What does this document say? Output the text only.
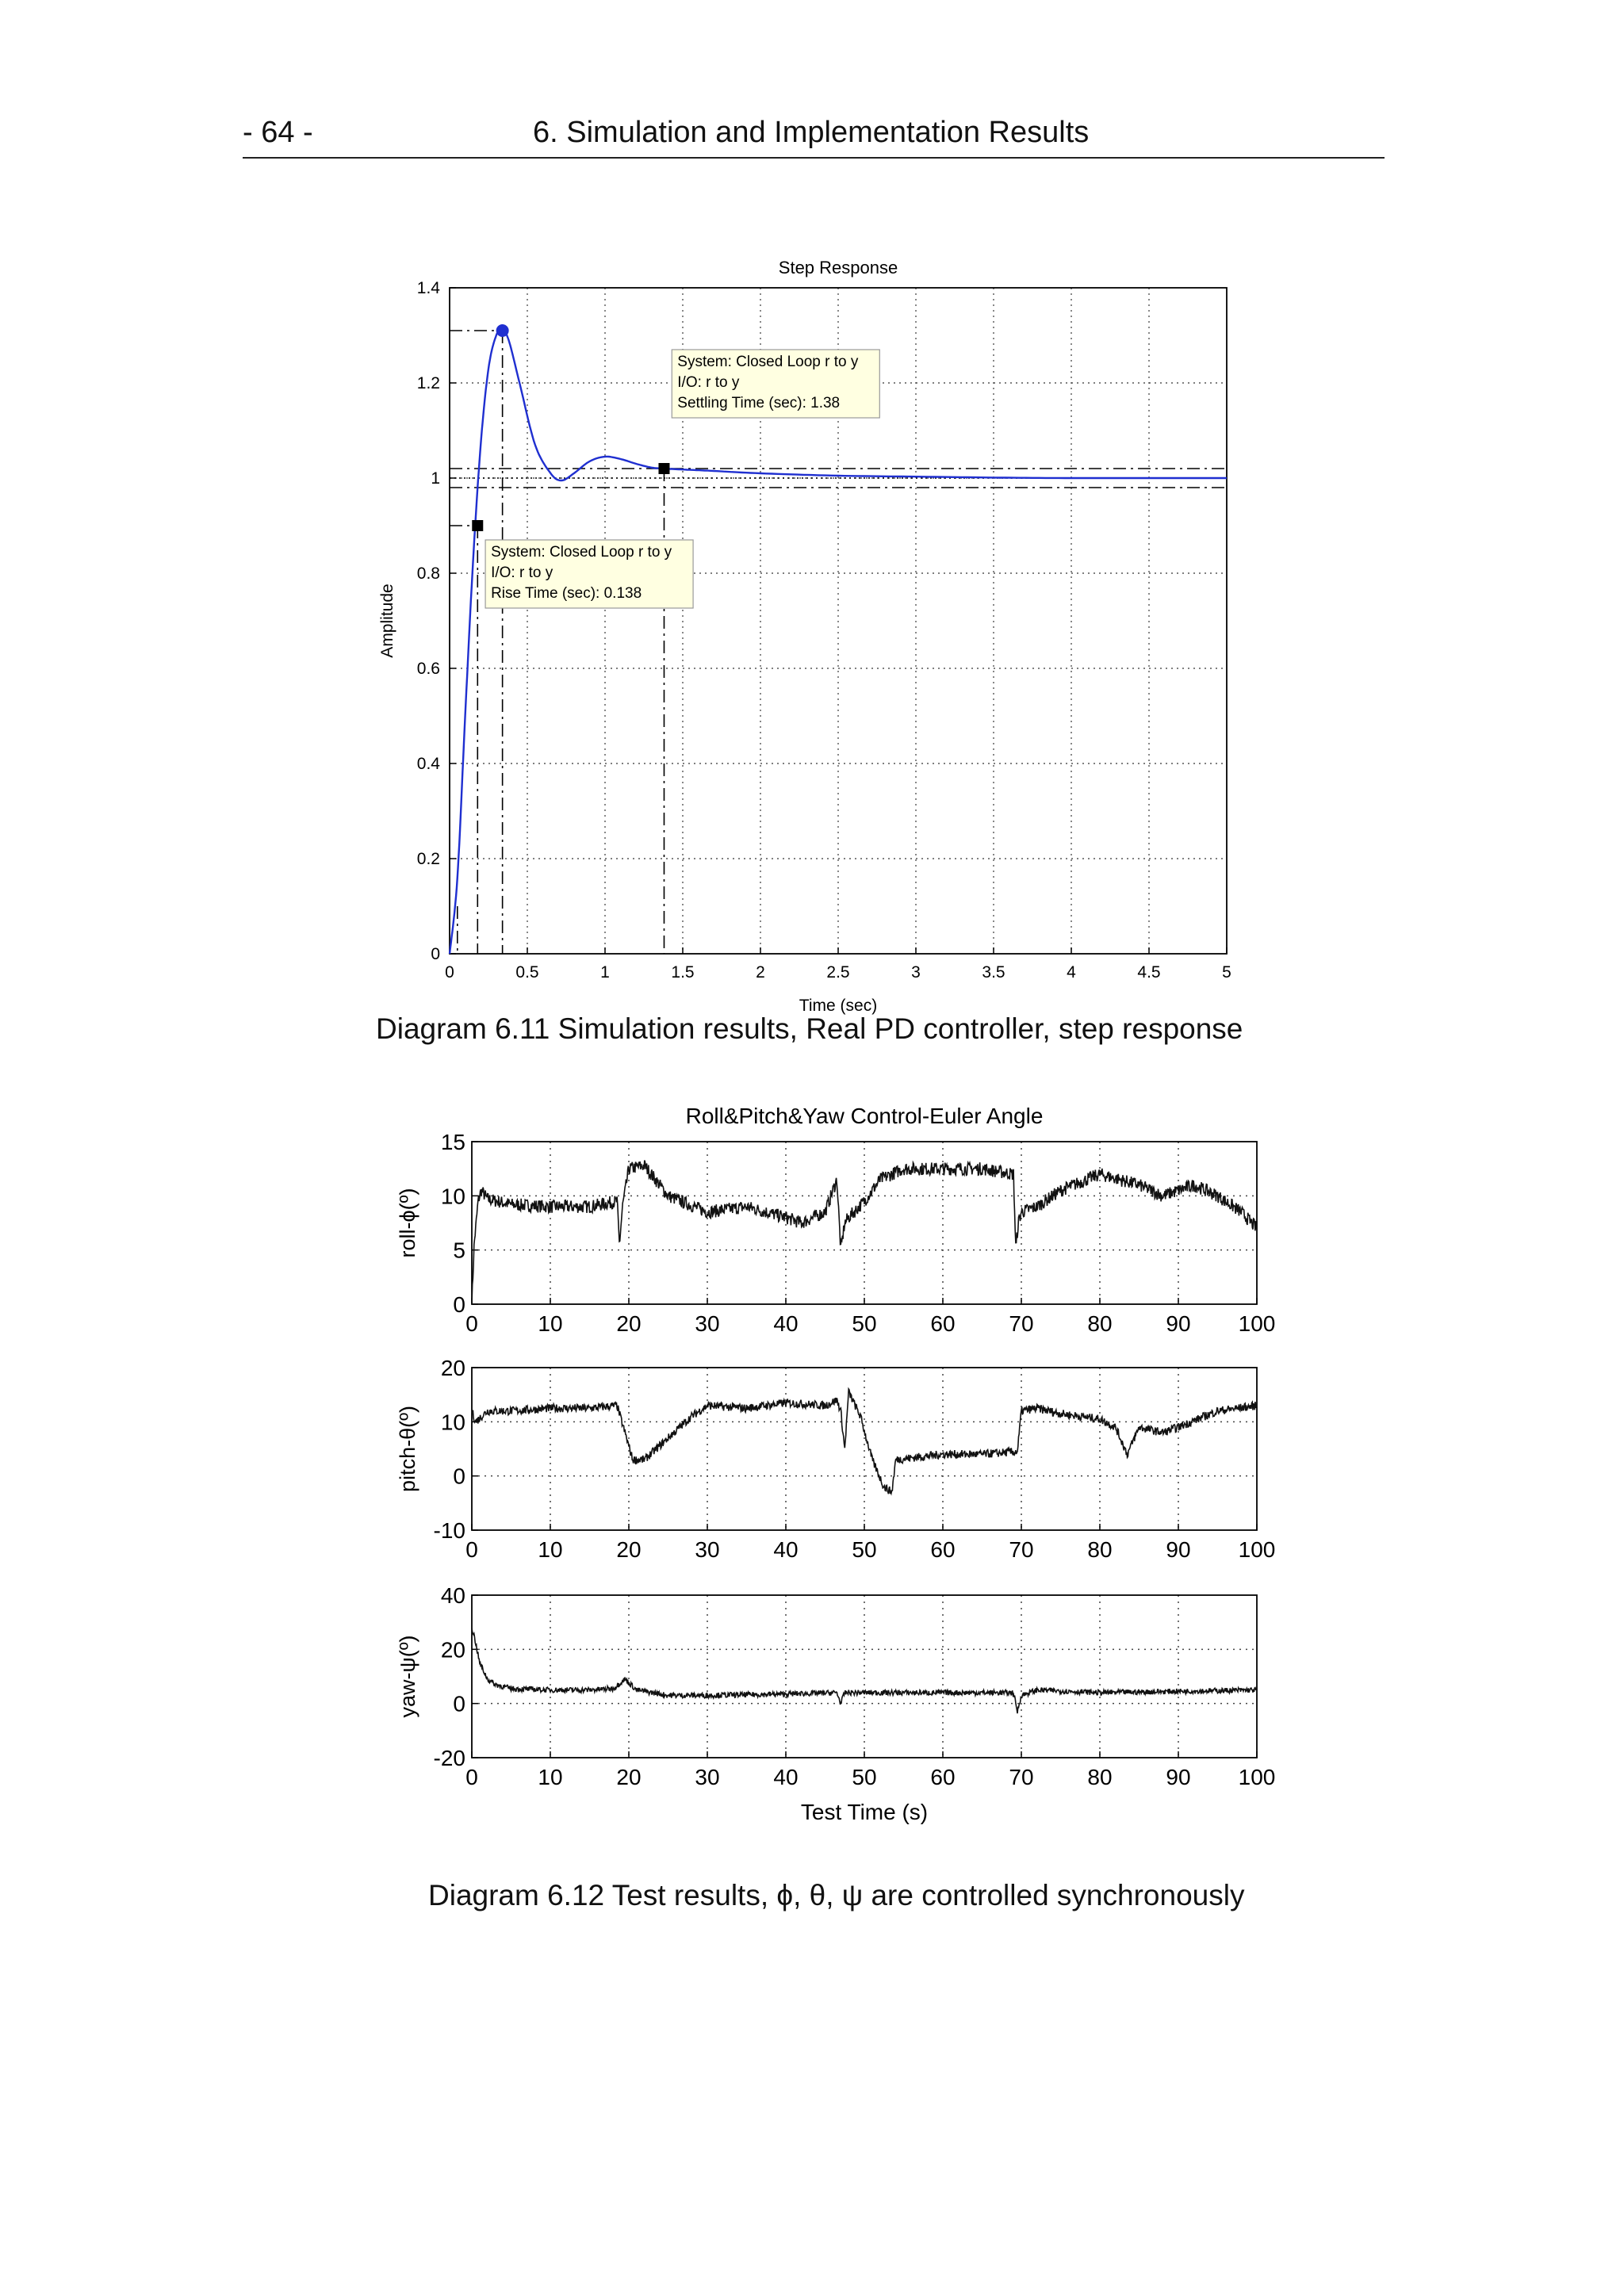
- 64 -	6. Simulation and Implementation Results
Step Response
0	0.5	1	1.5	2	2.5	3	3.5	4	4.5	5
0
0.2
0.4
0.6
0.8
1
1.2
1.4
Time (sec)
Amplitude
System: Closed Loop r to y
I/O: r to y
Settling Time (sec): 1.38
System: Closed Loop r to y
I/O: r to y
Rise Time (sec): 0.138
Diagram 6.11 Simulation results, Real PD controller, step response
Roll&Pitch&Yaw Control-Euler Angle
0	10 20 30 40 50 60 70 80 90 100
0
5
10
15
roll-ϕ(º)
0	10 20 30 40 50 60 70 80 90 100
-10
0
10
20
pitch-θ(º)
0	10 20 30 40 50 60 70 80 90 100
-20
0
20
40
yaw-ψ(º)
Test Time (s)
Diagram 6.12 Test results, ϕ, θ, ψ are controlled synchronously
